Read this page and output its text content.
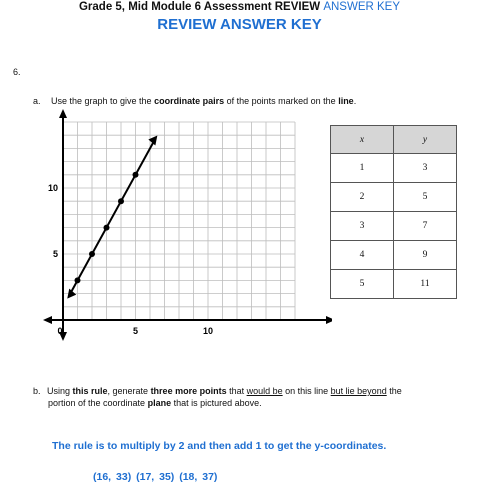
Grade 5, Mid Module 6 Assessment REVIEW ANSWER KEY
REVIEW ANSWER KEY
6.
a. Use the graph to give the coordinate pairs of the points marked on the line.
0	5	10
5
10
x	y
1	3
2	5
3	7
4	9
5	11
b. Using this rule, generate three more points that would be on this line but lie beyond the
portion of the coordinate plane that is pictured above.
The rule is to multiply by 2 and then add 1 to get the y-coordinates.
(16, 33) (17, 35) (18, 37)
